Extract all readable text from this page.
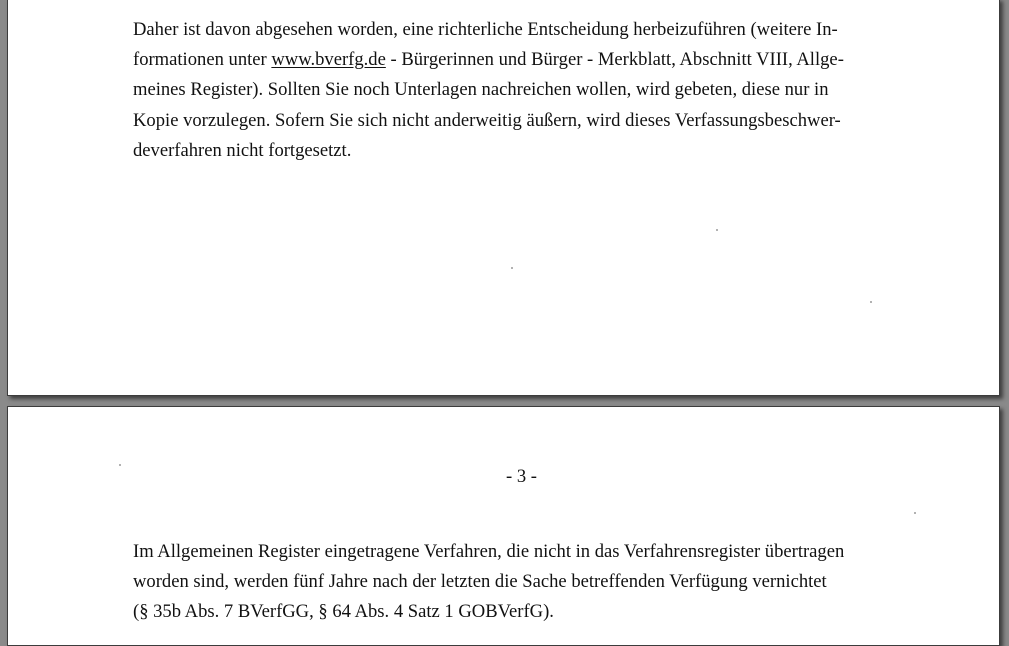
Daher ist davon abgesehen worden, eine richterliche Entscheidung herbeizuführen (weitere In-
formationen unter www.bverfg.de - Bürgerinnen und Bürger - Merkblatt, Abschnitt VIII, Allge-
meines Register). Sollten Sie noch Unterlagen nachreichen wollen, wird gebeten, diese nur in
Kopie vorzulegen. Sofern Sie sich nicht anderweitig äußern, wird dieses Verfassungsbeschwer-
deverfahren nicht fortgesetzt.

- 3 -

Im Allgemeinen Register eingetragene Verfahren, die nicht in das Verfahrensregister übertragen
worden sind, werden fünf Jahre nach der letzten die Sache betreffenden Verfügung vernichtet
(§ 35b Abs. 7 BVerfGG, § 64 Abs. 4 Satz 1 GOBVerfG).
